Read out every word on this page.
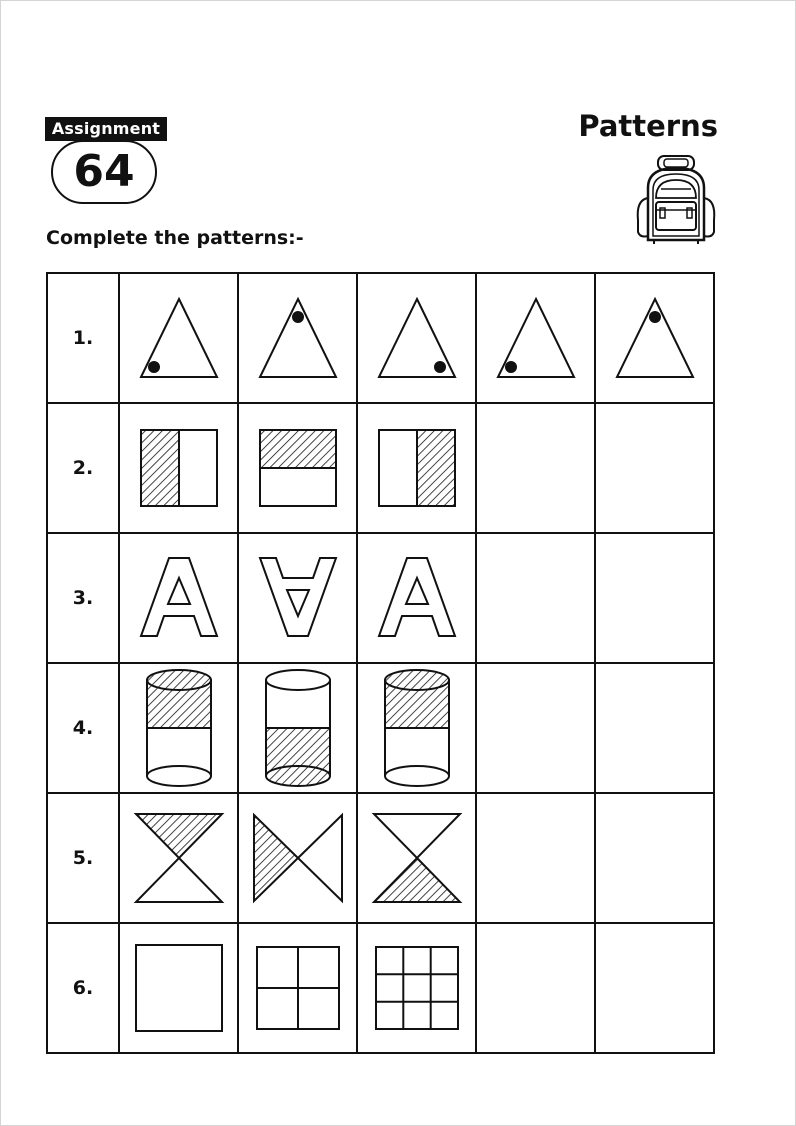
Assignment
64
Patterns
Complete the patterns:-
1.	

2.	

3.	

4.	

5.	

6.	
